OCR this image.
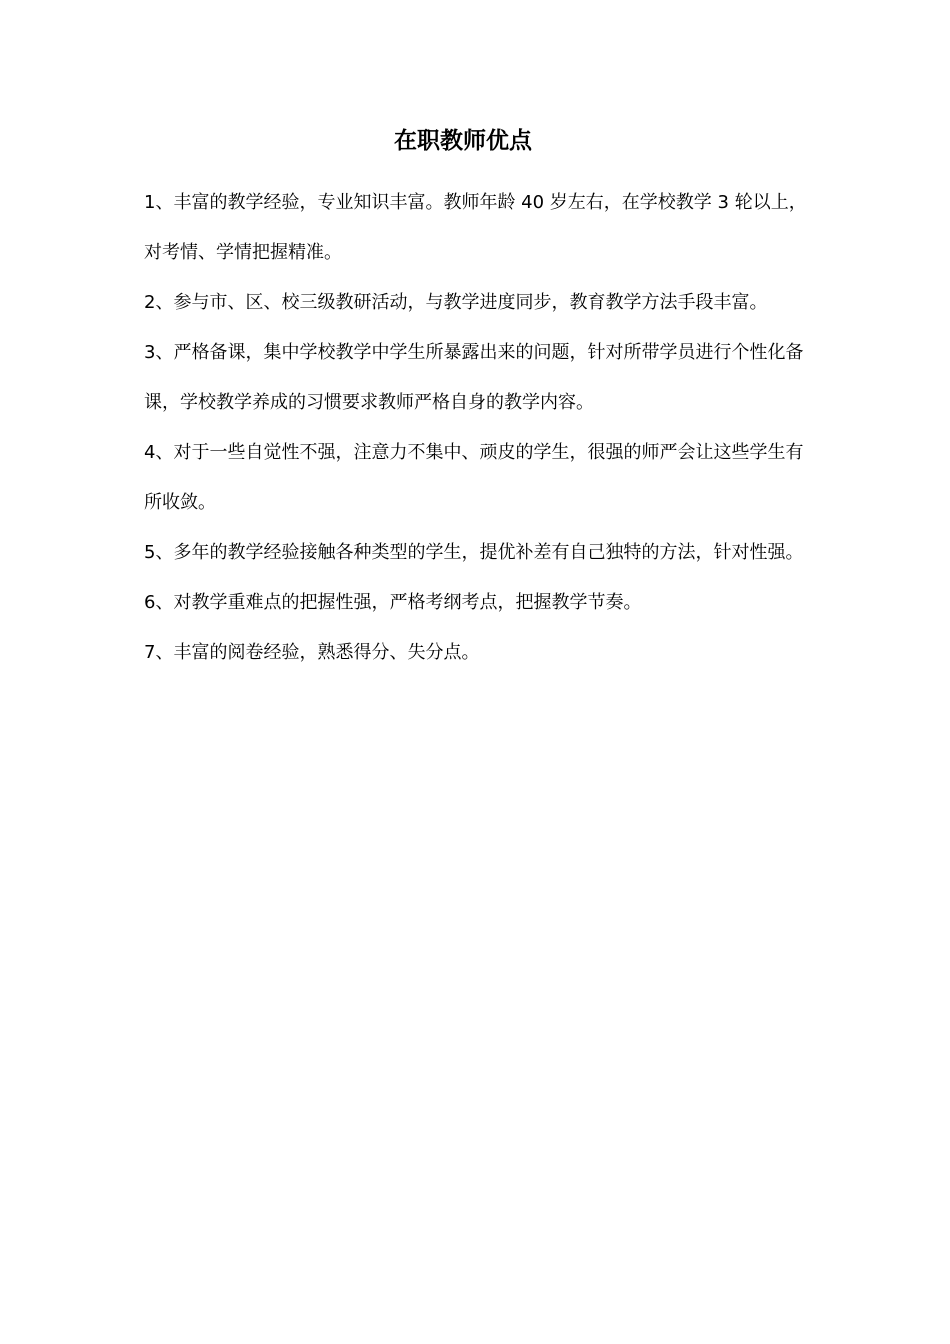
在职教师优点

1、丰富的教学经验，专业知识丰富。教师年龄 40 岁左右，在学校教学 3 轮以上，对考情、学情把握精准。

2、参与市、区、校三级教研活动，与教学进度同步，教育教学方法手段丰富。

3、严格备课，集中学校教学中学生所暴露出来的问题，针对所带学员进行个性化备课，学校教学养成的习惯要求教师严格自身的教学内容。

4、对于一些自觉性不强，注意力不集中、顽皮的学生，很强的师严会让这些学生有所收敛。

5、多年的教学经验接触各种类型的学生，提优补差有自己独特的方法，针对性强。

6、对教学重难点的把握性强，严格考纲考点，把握教学节奏。

7、丰富的阅卷经验，熟悉得分、失分点。
